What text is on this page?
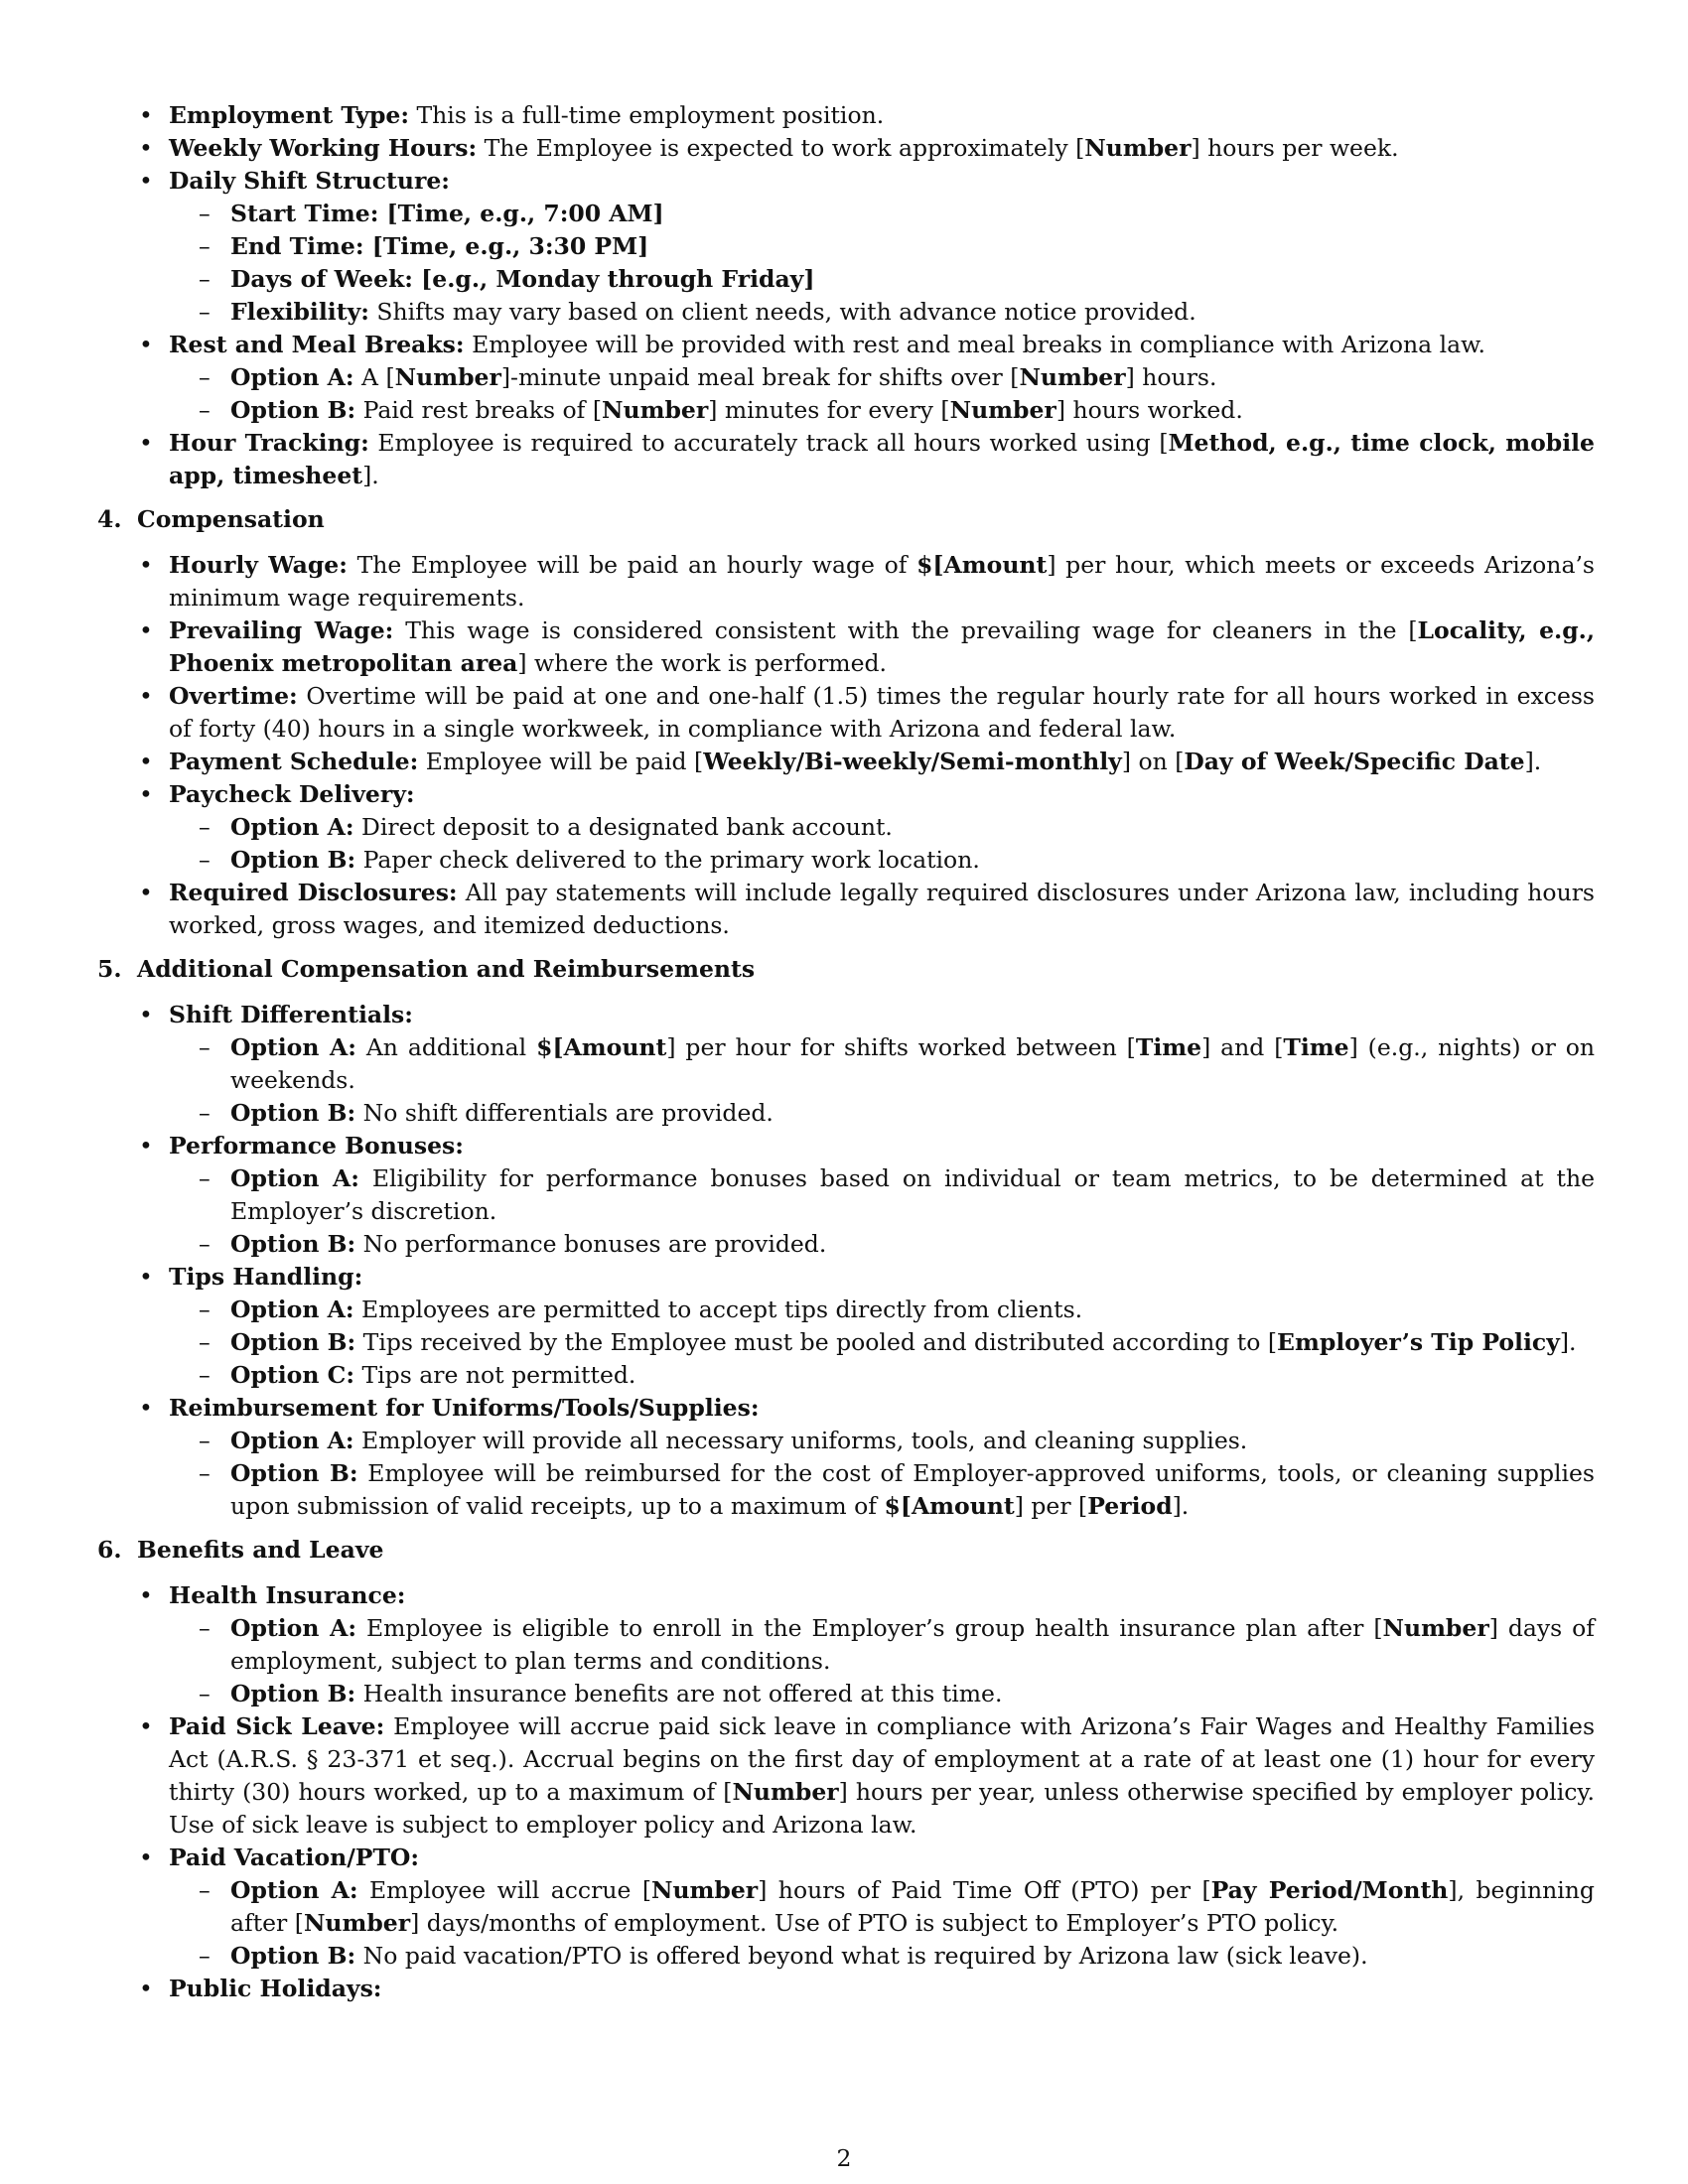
• Employment Type: This is a full-time employment position.
• Weekly Working Hours: The Employee is expected to work approximately [Number] hours per week.
• Daily Shift Structure:
– Start Time: [Time, e.g., 7:00 AM]
– End Time: [Time, e.g., 3:30 PM]
– Days of Week: [e.g., Monday through Friday]
– Flexibility: Shifts may vary based on client needs, with advance notice provided.
• Rest and Meal Breaks: Employee will be provided with rest and meal breaks in compliance with Arizona law.
– Option A: A [Number]-minute unpaid meal break for shifts over [Number] hours.
– Option B: Paid rest breaks of [Number] minutes for every [Number] hours worked.
• Hour Tracking: Employee is required to accurately track all hours worked using [Method, e.g., time clock, mobile app, timesheet].
4. Compensation
• Hourly Wage: The Employee will be paid an hourly wage of $[Amount] per hour, which meets or exceeds Arizona’s minimum wage requirements.
• Prevailing Wage: This wage is considered consistent with the prevailing wage for cleaners in the [Locality, e.g., Phoenix metropolitan area] where the work is performed.
• Overtime: Overtime will be paid at one and one-half (1.5) times the regular hourly rate for all hours worked in excess of forty (40) hours in a single workweek, in compliance with Arizona and federal law.
• Payment Schedule: Employee will be paid [Weekly/Bi-weekly/Semi-monthly] on [Day of Week/Specific Date].
• Paycheck Delivery:
– Option A: Direct deposit to a designated bank account.
– Option B: Paper check delivered to the primary work location.
• Required Disclosures: All pay statements will include legally required disclosures under Arizona law, including hours worked, gross wages, and itemized deductions.
5. Additional Compensation and Reimbursements
• Shift Differentials:
– Option A: An additional $[Amount] per hour for shifts worked between [Time] and [Time] (e.g., nights) or on weekends.
– Option B: No shift differentials are provided.
• Performance Bonuses:
– Option A: Eligibility for performance bonuses based on individual or team metrics, to be determined at the Employer’s discretion.
– Option B: No performance bonuses are provided.
• Tips Handling:
– Option A: Employees are permitted to accept tips directly from clients.
– Option B: Tips received by the Employee must be pooled and distributed according to [Employer’s Tip Policy].
– Option C: Tips are not permitted.
• Reimbursement for Uniforms/Tools/Supplies:
– Option A: Employer will provide all necessary uniforms, tools, and cleaning supplies.
– Option B: Employee will be reimbursed for the cost of Employer-approved uniforms, tools, or cleaning supplies upon submission of valid receipts, up to a maximum of $[Amount] per [Period].
6. Benefits and Leave
• Health Insurance:
– Option A: Employee is eligible to enroll in the Employer’s group health insurance plan after [Number] days of employment, subject to plan terms and conditions.
– Option B: Health insurance benefits are not offered at this time.
• Paid Sick Leave: Employee will accrue paid sick leave in compliance with Arizona’s Fair Wages and Healthy Families Act (A.R.S. § 23-371 et seq.). Accrual begins on the first day of employment at a rate of at least one (1) hour for every thirty (30) hours worked, up to a maximum of [Number] hours per year, unless otherwise specified by employer policy. Use of sick leave is subject to employer policy and Arizona law.
• Paid Vacation/PTO:
– Option A: Employee will accrue [Number] hours of Paid Time Off (PTO) per [Pay Period/Month], beginning after [Number] days/months of employment. Use of PTO is subject to Employer’s PTO policy.
– Option B: No paid vacation/PTO is offered beyond what is required by Arizona law (sick leave).
• Public Holidays:
2
